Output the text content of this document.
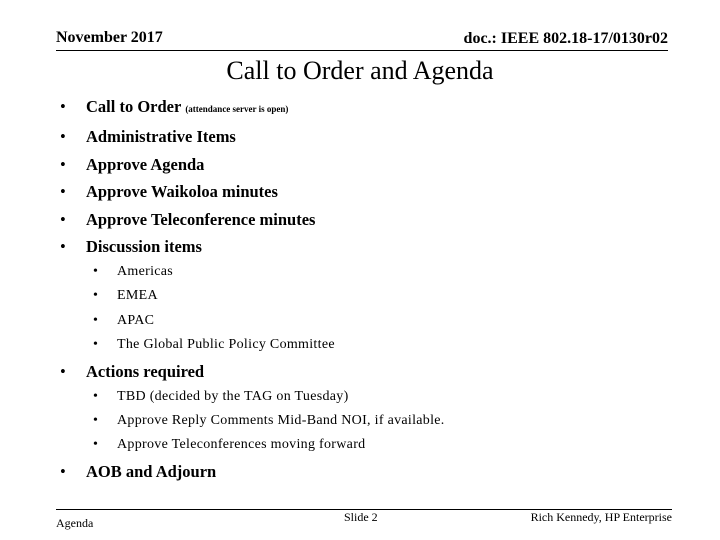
November 2017	doc.: IEEE 802.18-17/0130r02
Call to Order and Agenda
• Call to Order (attendance server is open)
• Administrative Items
• Approve Agenda
• Approve Waikoloa minutes
• Approve Teleconference minutes
• Discussion items
• Americas
• EMEA
• APAC
• The Global Public Policy Committee
• Actions required
• TBD (decided by the TAG on Tuesday)
• Approve Reply Comments Mid-Band NOI, if available.
• Approve Teleconferences moving forward
• AOB and Adjourn
Agenda	Slide 2	Rich Kennedy, HP Enterprise
